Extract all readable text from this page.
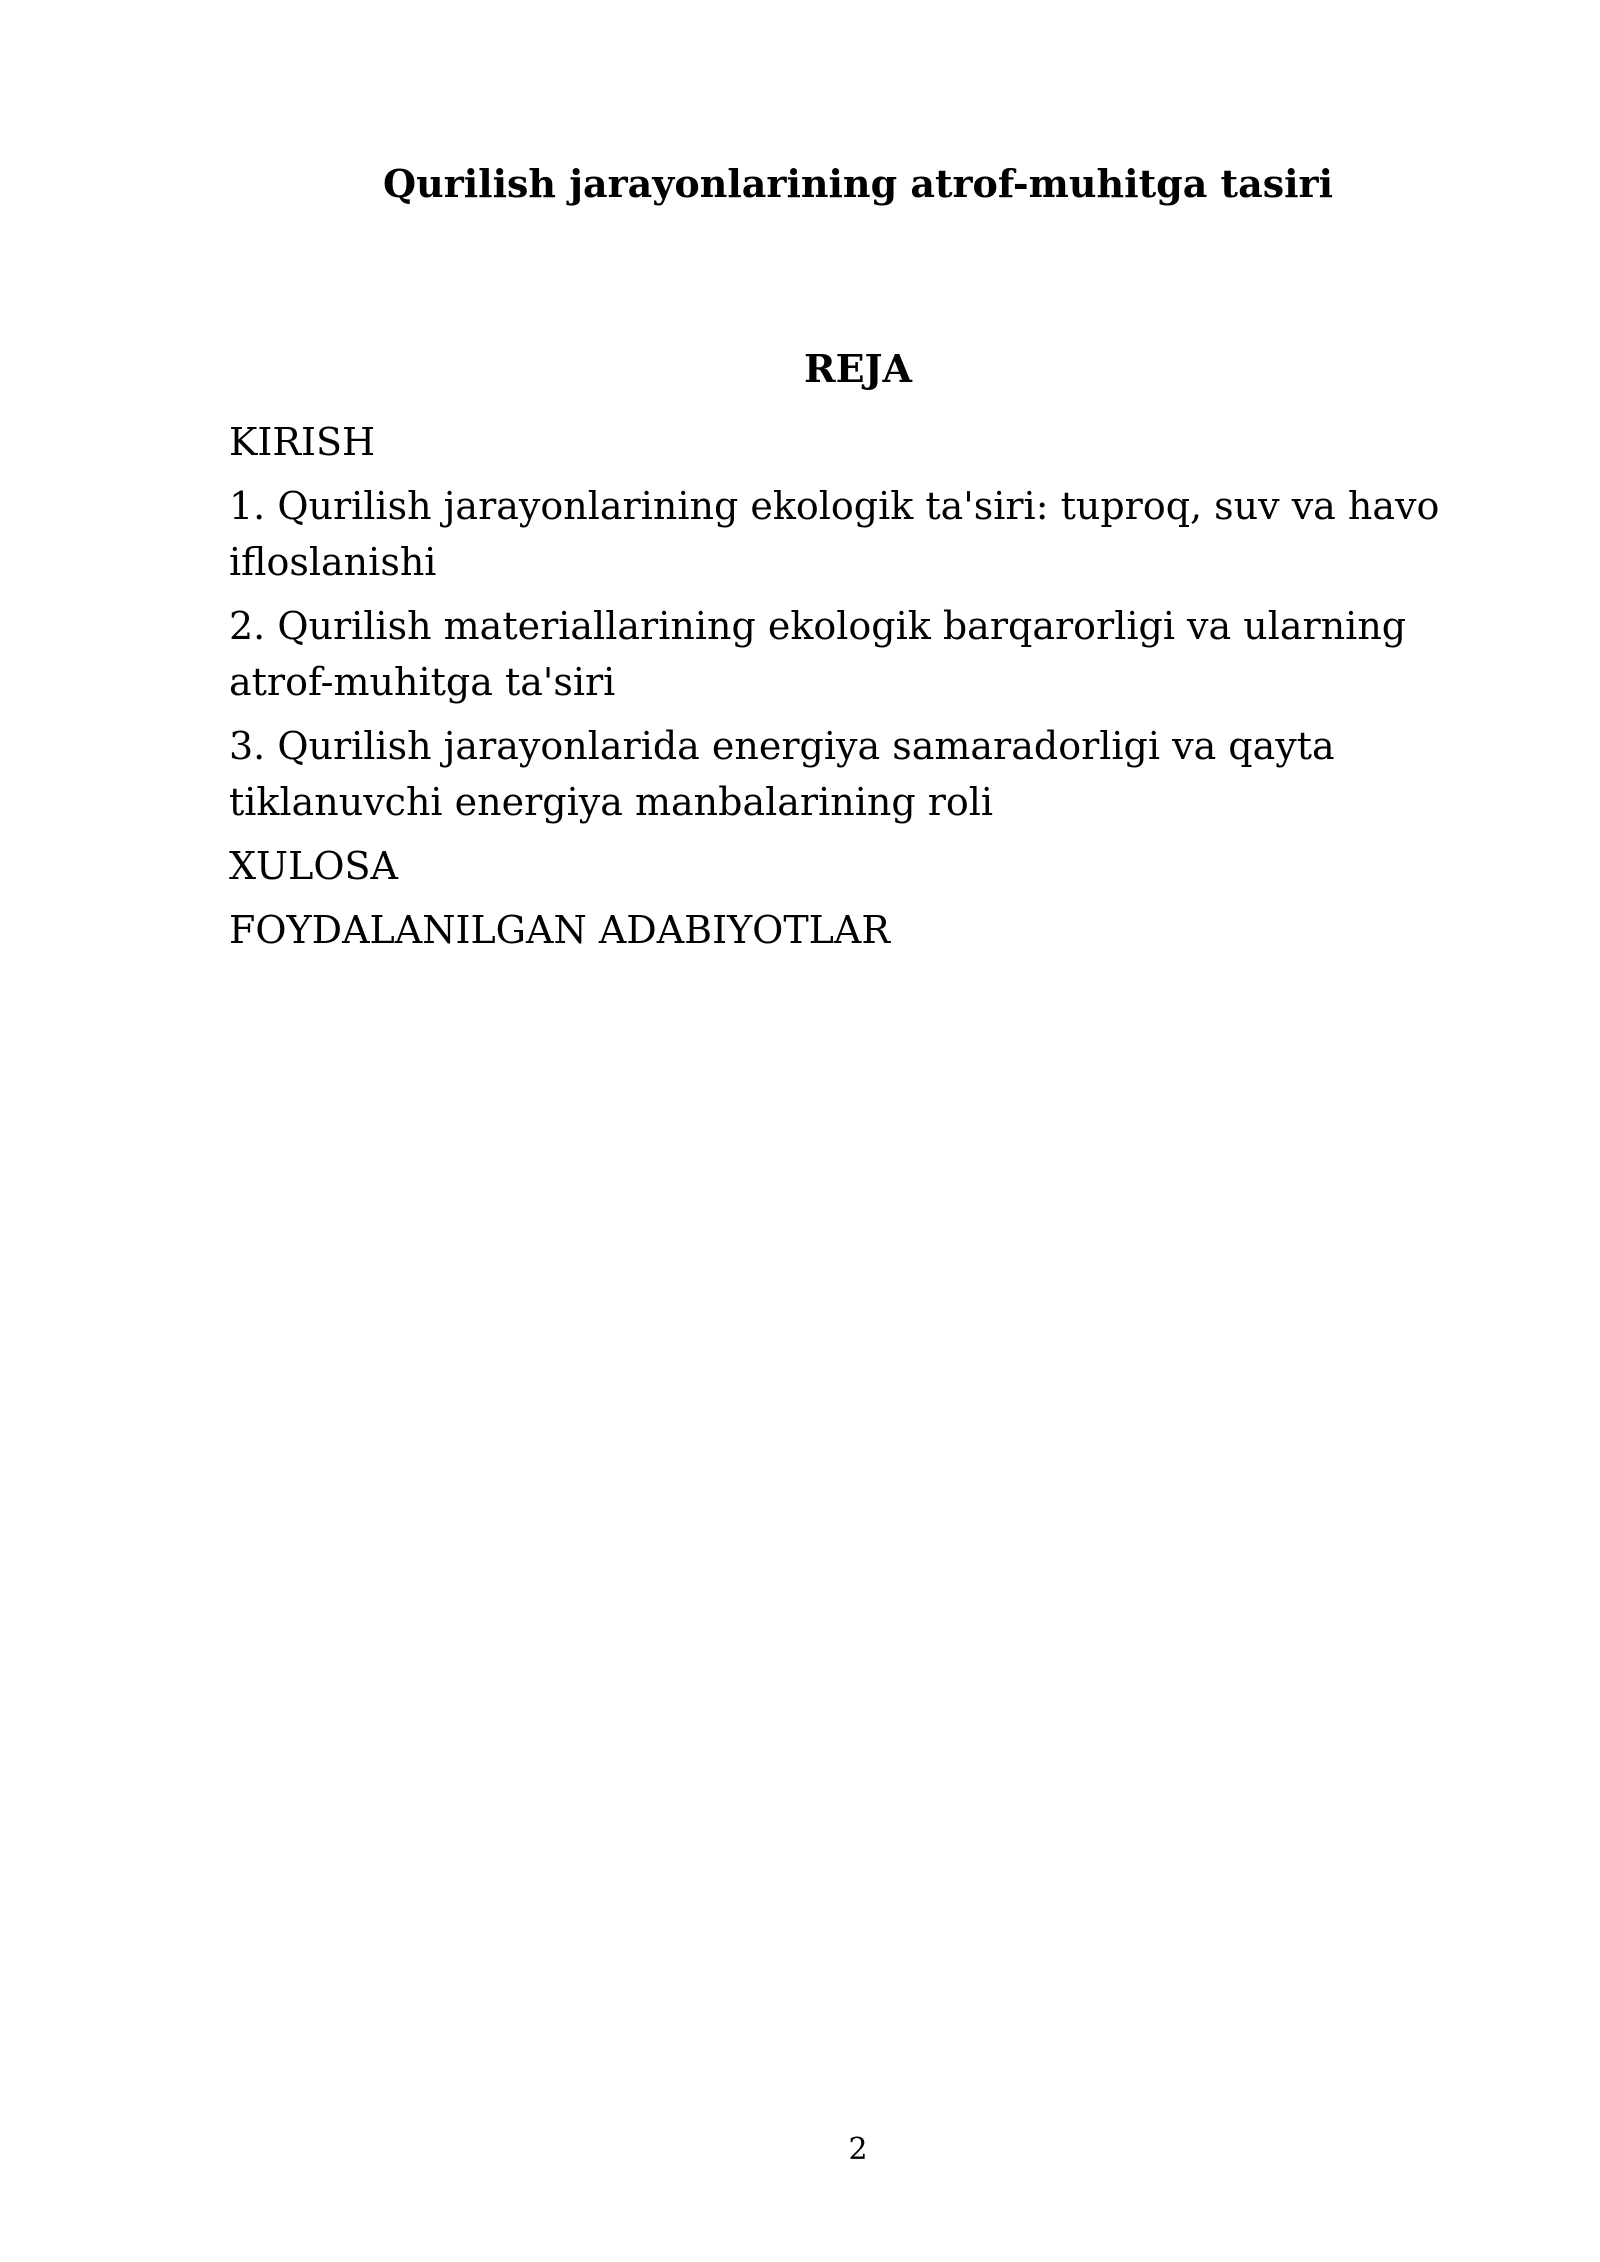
Qurilish jarayonlarining atrof-muhitga tasiri
REJA
KIRISH
1. Qurilish jarayonlarining ekologik ta'siri: tuproq, suv va havo ifloslanishi
2. Qurilish materiallarining ekologik barqarorligi va ularning atrof-muhitga ta'siri
3. Qurilish jarayonlarida energiya samaradorligi va qayta tiklanuvchi energiya manbalarining roli
XULOSA
FOYDALANILGAN ADABIYOTLAR
2
